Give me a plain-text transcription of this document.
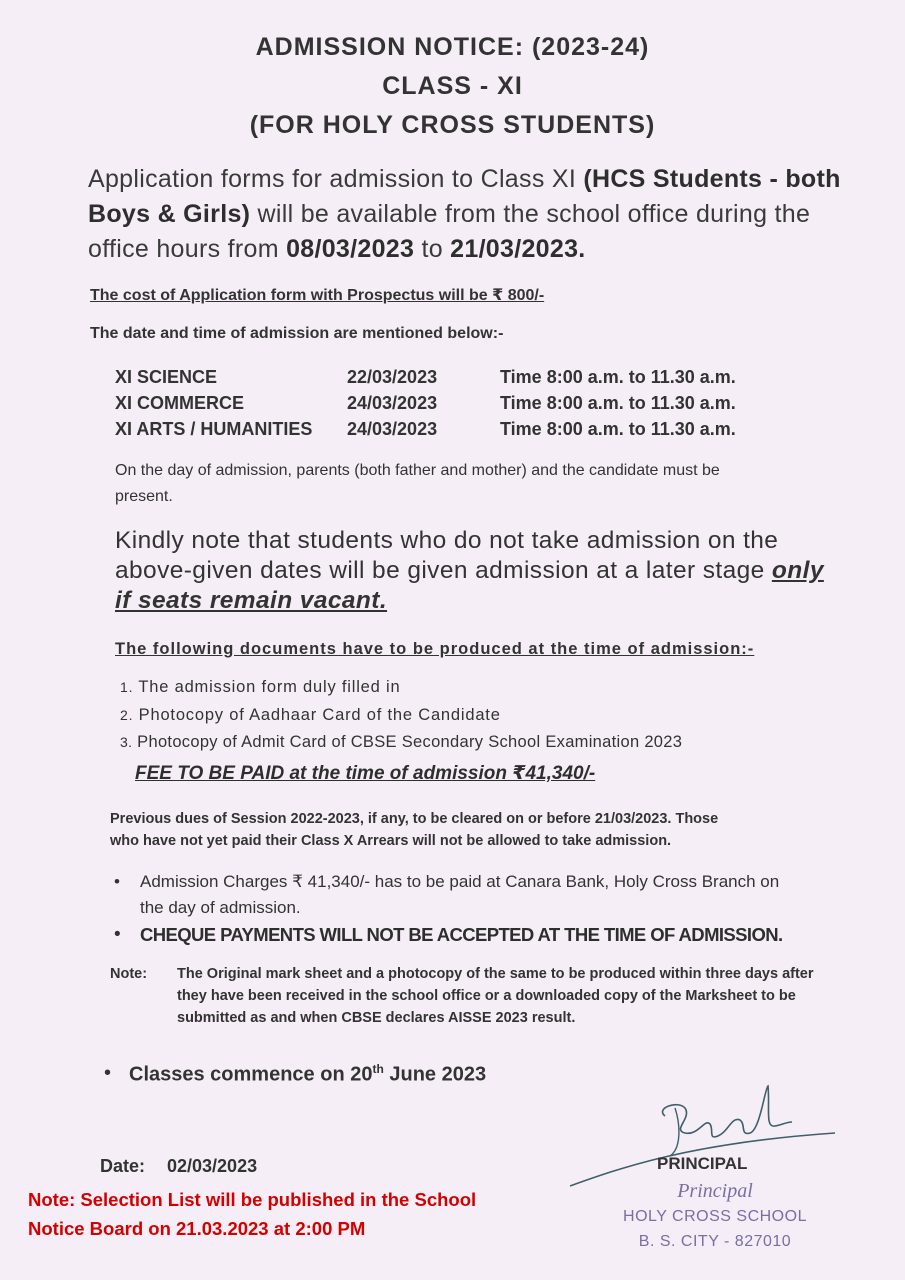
ADMISSION NOTICE: (2023-24)
CLASS - XI
(FOR HOLY CROSS STUDENTS)
Application forms for admission to Class XI (HCS Students - both Boys & Girls) will be available from the school office during the office hours from 08/03/2023 to 21/03/2023.
The cost of Application form with Prospectus will be ₹ 800/-
The date and time of admission are mentioned below:-
XI SCIENCE	22/03/2023	Time 8:00 a.m. to 11.30 a.m.
XI COMMERCE	24/03/2023	Time 8:00 a.m. to 11.30 a.m.
XI ARTS / HUMANITIES 24/03/2023	Time 8:00 a.m. to 11.30 a.m.
On the day of admission, parents (both father and mother) and the candidate must be
present.
Kindly note that students who do not take admission on the above-given dates will be given admission at a later stage only if seats remain vacant.
The following documents have to be produced at the time of admission:-
1. The admission form duly filled in
2. Photocopy of Aadhaar Card of the Candidate
3. Photocopy of Admit Card of CBSE Secondary School Examination 2023
FEE TO BE PAID at the time of admission ₹41,340/-
Previous dues of Session 2022-2023, if any, to be cleared on or before 21/03/2023. Those
who have not yet paid their Class X Arrears will not be allowed to take admission.
• Admission Charges ₹ 41,340/- has to be paid at Canara Bank, Holy Cross Branch on
the day of admission.
• CHEQUE PAYMENTS WILL NOT BE ACCEPTED AT THE TIME OF ADMISSION.
Note: The Original mark sheet and a photocopy of the same to be produced within three days after
they have been received in the school office or a downloaded copy of the Marksheet to be
submitted as and when CBSE declares AISSE 2023 result.
• Classes commence on 20th June 2023
Date: 02/03/2023	PRINCIPAL
Principal
HOLY CROSS SCHOOL
B. S. CITY - 827010
Note: Selection List will be published in the School
Notice Board on 21.03.2023 at 2:00 PM
